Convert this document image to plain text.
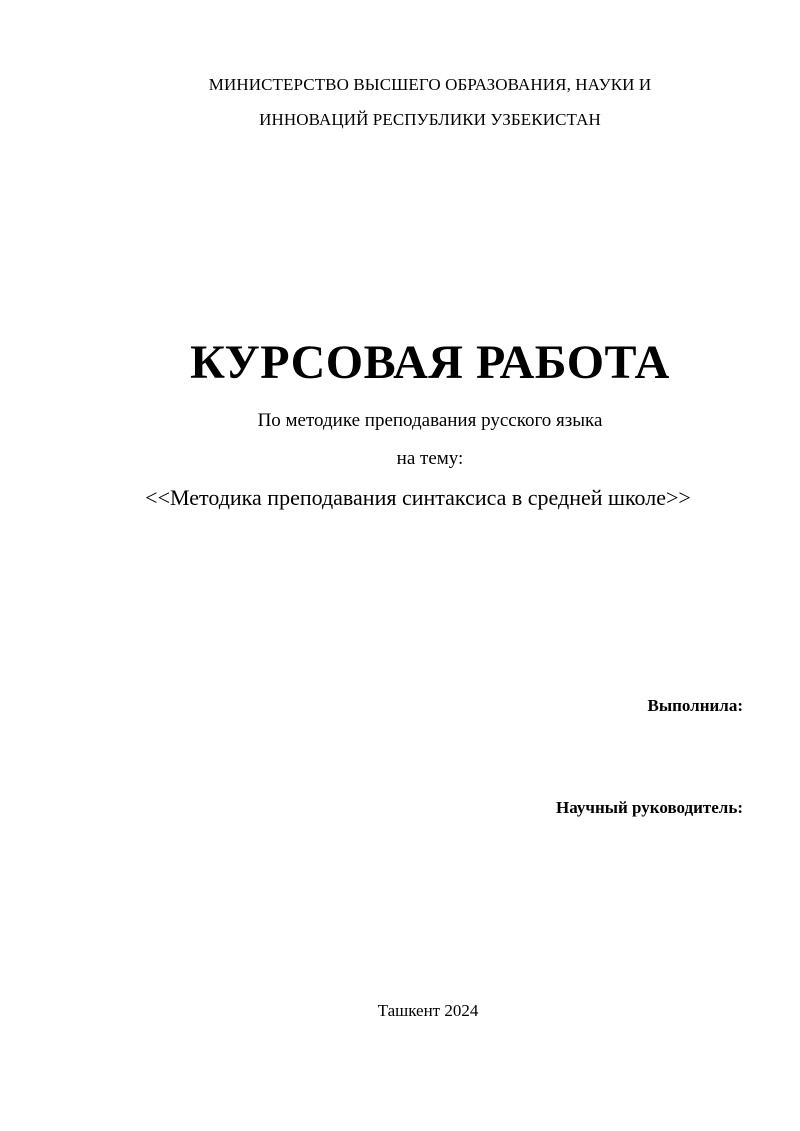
МИНИСТЕРСТВО ВЫСШЕГО ОБРАЗОВАНИЯ, НАУКИ И
ИННОВАЦИЙ РЕСПУБЛИКИ УЗБЕКИСТАН
КУРСОВАЯ РАБОТА
По методике преподавания русского языка
на тему:
<<Методика преподавания синтаксиса в средней школе>>
Выполнила:
Научный руководитель:
Ташкент 2024
